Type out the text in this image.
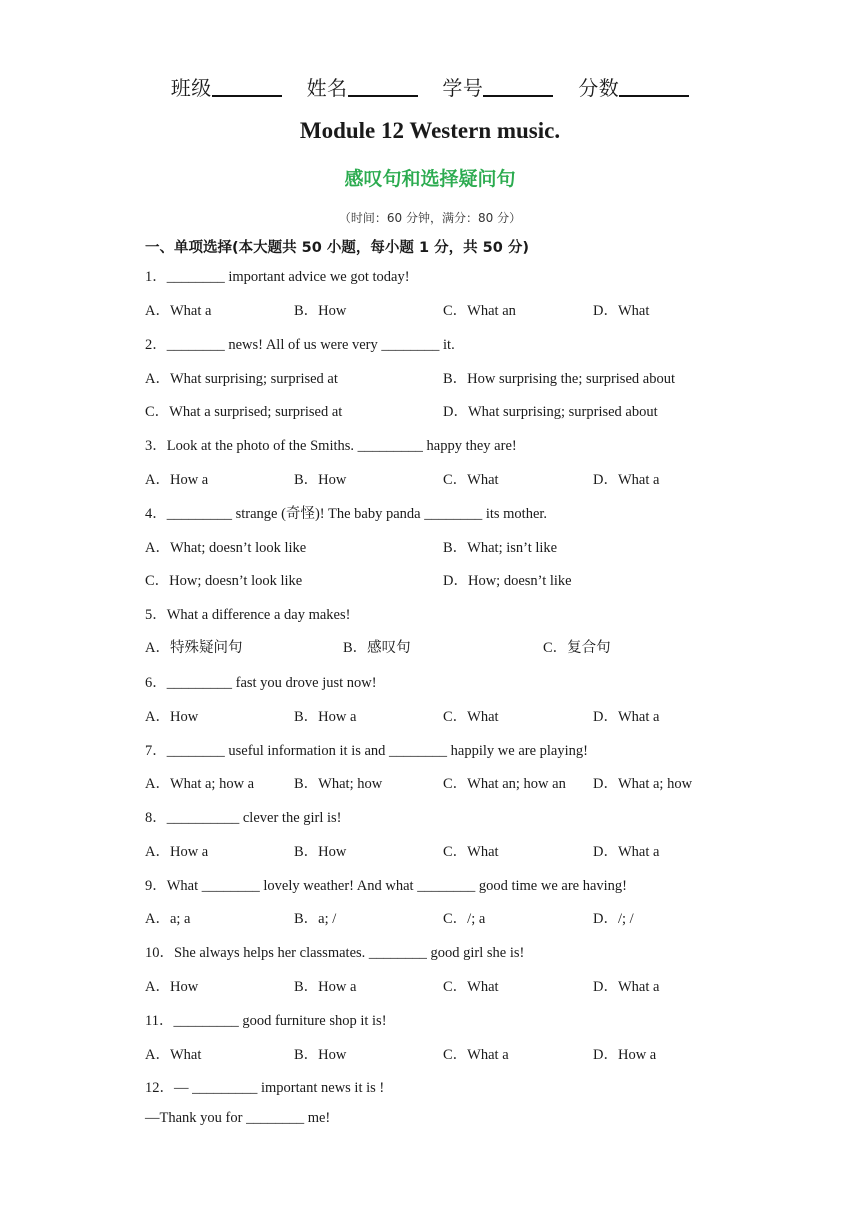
班级	姓名	学号	分数
Module 12 Western music.
感叹句和选择疑问句
（时间：60 分钟，满分：80 分）
一、单项选择(本大题共 50 小题，每小题 1 分，共 50 分)
1．________ important advice we got today!
A．What a	B．How	C．What an	D．What
2．________ news! All of us were very ________ it.
A．What surprising; surprised at	B．How surprising the; surprised about
C．What a surprised; surprised at	D．What surprising; surprised about
3．Look at the photo of the Smiths. _________ happy they are!
A．How a	B．How	C．What	D．What a
4．_________ strange (奇怪)! The baby panda ________ its mother.
A．What; doesn’t look like	B．What; isn’t like
C．How; doesn’t look like	D．How; doesn’t like
5．What a difference a day makes!
A．特殊疑问句	B．感叹句	C．复合句
6．_________ fast you drove just now!
A．How	B．How a	C．What	D．What a
7．________ useful information it is and ________ happily we are playing!
A．What a; how a	B．What; how	C．What an; how an D．What a; how
8．__________ clever the girl is!
A．How a	B．How	C．What	D．What a
9．What ________ lovely weather! And what ________ good time we are having!
A．a; a	B．a; /	C．/; a	D．/; /
10．She always helps her classmates. ________ good girl she is!
A．How	B．How a	C．What	D．What a
11．_________ good furniture shop it is!
A．What	B．How	C．What a	D．How a
12．— _________ important news it is !
—Thank you for ________ me!
